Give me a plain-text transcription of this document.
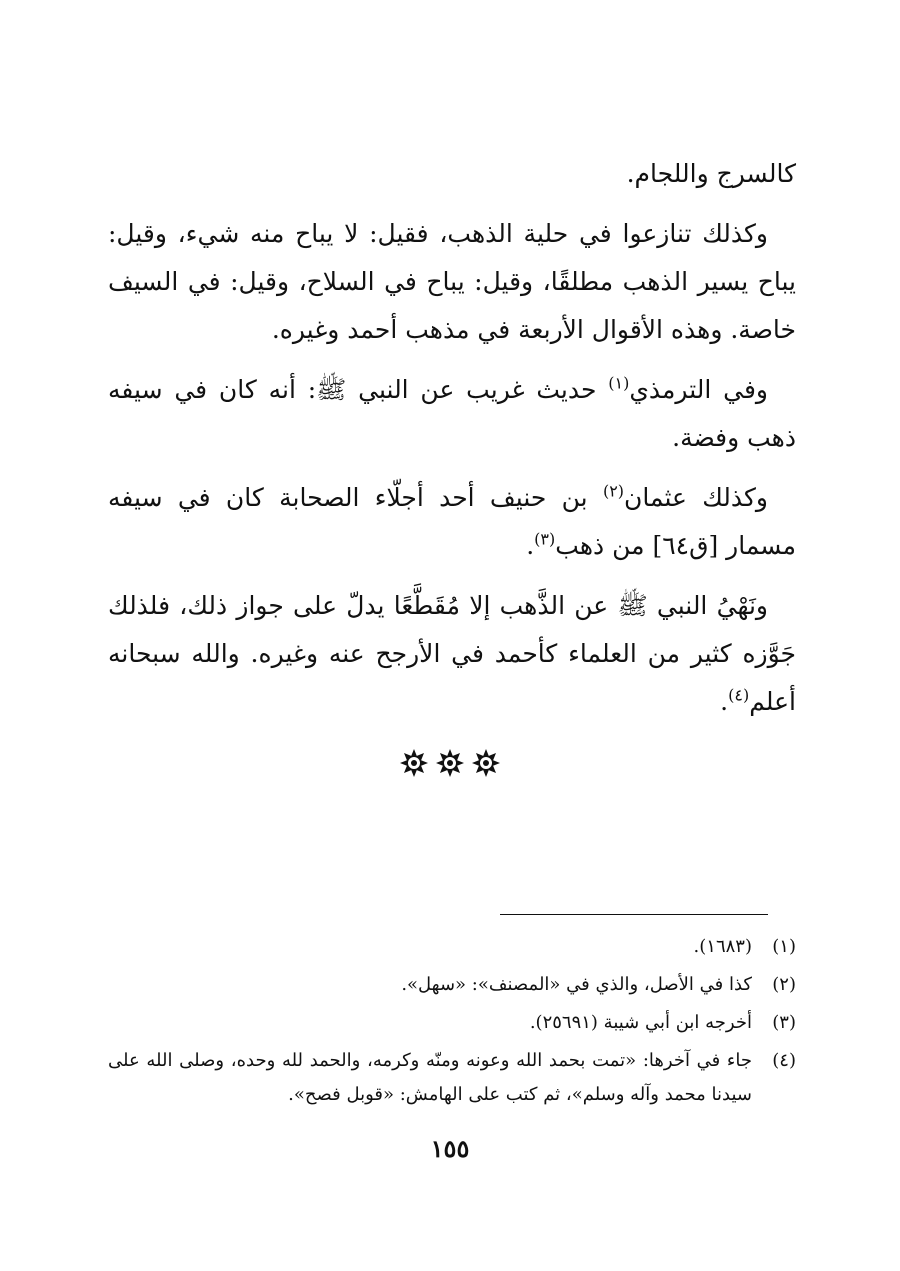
كالسرج واللجام.

وكذلك تنازعوا في حلية الذهب، فقيل: لا يباح منه شيء، وقيل: يباح يسير الذهب مطلقًا، وقيل: يباح في السلاح، وقيل: في السيف خاصة. وهذه الأقوال الأربعة في مذهب أحمد وغيره.

وفي الترمذي$^{(١)}$ حديث غريب عن النبي ﷺ: أنه كان في سيفه ذهب وفضة.

وكذلك عثمان$^{(٢)}$ بن حنيف أحد أجلّاء الصحابة كان في سيفه مسمار [ق٦٤] من ذهب$^{(٣)}$.

ونَهْيُ النبي ﷺ عن الذَّهب إلا مُقَطَّعًا يدلّ على جواز ذلك، فلذلك جَوَّزه كثير من العلماء كأحمد في الأرجح عنه وغيره. والله سبحانه أعلم$^{(٤)}$.

(١)
(١٦٨٣).
(٢)
كذا في الأصل، والذي في «المصنف»: «سهل».
(٣)
أخرجه ابن أبي شيبة (٢٥٦٩١).
(٤)
جاء في آخرها: «تمت بحمد الله وعونه ومنّه وكرمه، والحمد لله وحده، وصلى الله على سيدنا محمد وآله وسلم»، ثم كتب على الهامش: «قوبل فصح».
١٥٥
